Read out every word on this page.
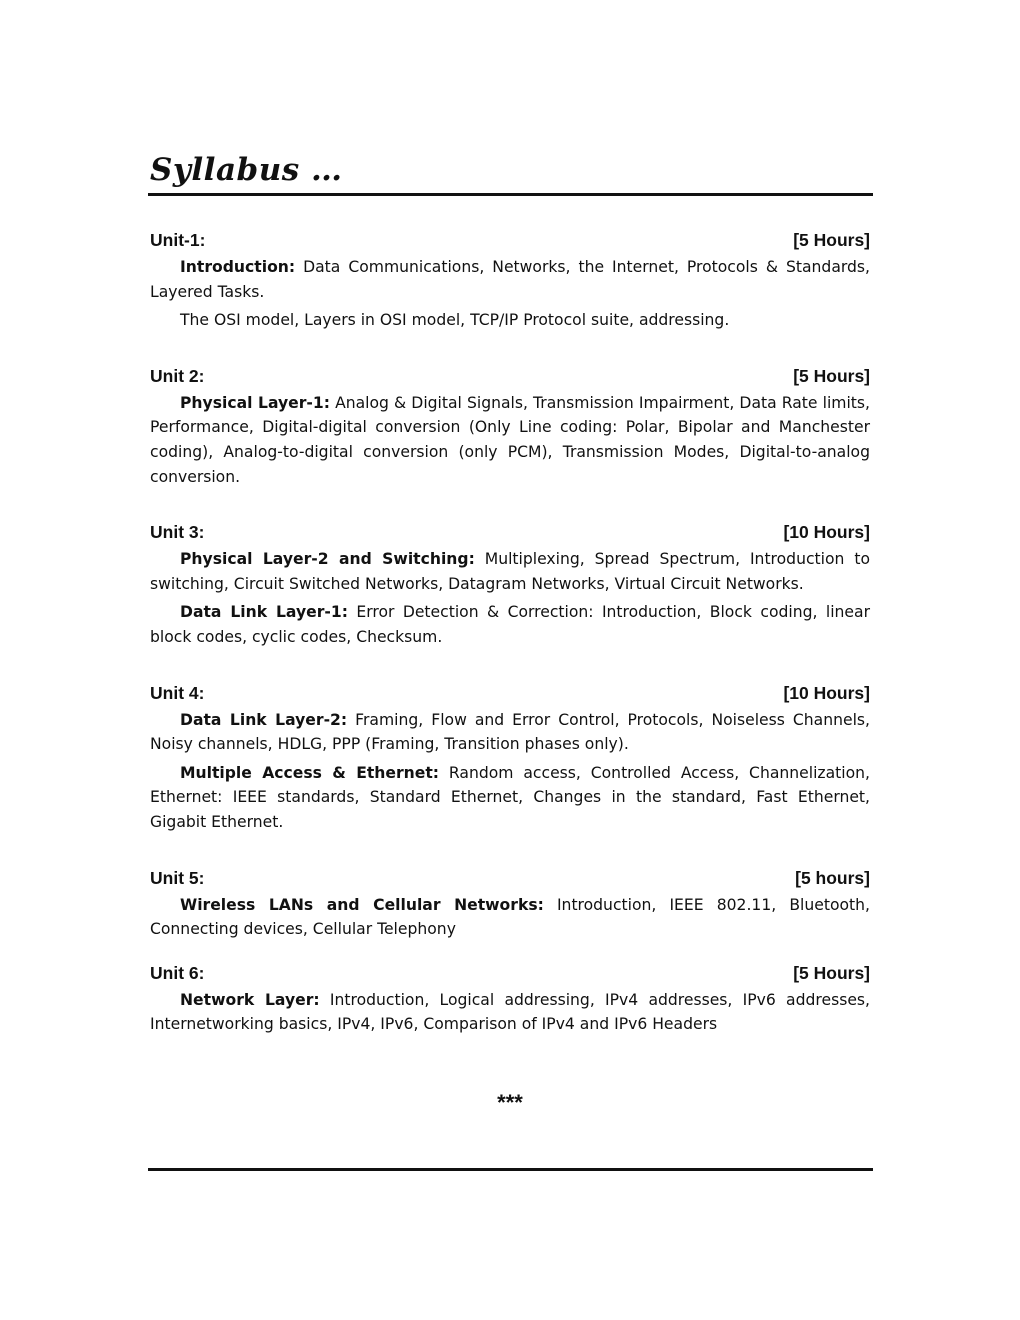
Syllabus …
Unit-1:	[5 Hours]

Introduction: Data Communications, Networks, the Internet, Protocols & Standards, Layered Tasks.

The OSI model, Layers in OSI model, TCP/IP Protocol suite, addressing.

Unit 2:	[5 Hours]

Physical Layer-1: Analog & Digital Signals, Transmission Impairment, Data Rate limits, Performance, Digital-digital conversion (Only Line coding: Polar, Bipolar and Manchester coding), Analog-to-digital conversion (only PCM), Transmission Modes, Digital-to-analog conversion.

Unit 3:	[10 Hours]

Physical Layer-2 and Switching: Multiplexing, Spread Spectrum, Introduction to switching, Circuit Switched Networks, Datagram Networks, Virtual Circuit Networks.

Data Link Layer-1: Error Detection & Correction: Introduction, Block coding, linear block codes, cyclic codes, Checksum.

Unit 4:	[10 Hours]

Data Link Layer-2: Framing, Flow and Error Control, Protocols, Noiseless Channels, Noisy channels, HDLG, PPP (Framing, Transition phases only).

Multiple Access & Ethernet: Random access, Controlled Access, Channelization, Ethernet: IEEE standards, Standard Ethernet, Changes in the standard, Fast Ethernet, Gigabit Ethernet.

Unit 5:	[5 hours]

Wireless LANs and Cellular Networks: Introduction, IEEE 802.11, Bluetooth, Connecting devices, Cellular Telephony

Unit 6:	[5 Hours]

Network Layer: Introduction, Logical addressing, IPv4 addresses, IPv6 addresses, Internetworking basics, IPv4, IPv6, Comparison of IPv4 and IPv6 Headers

***
